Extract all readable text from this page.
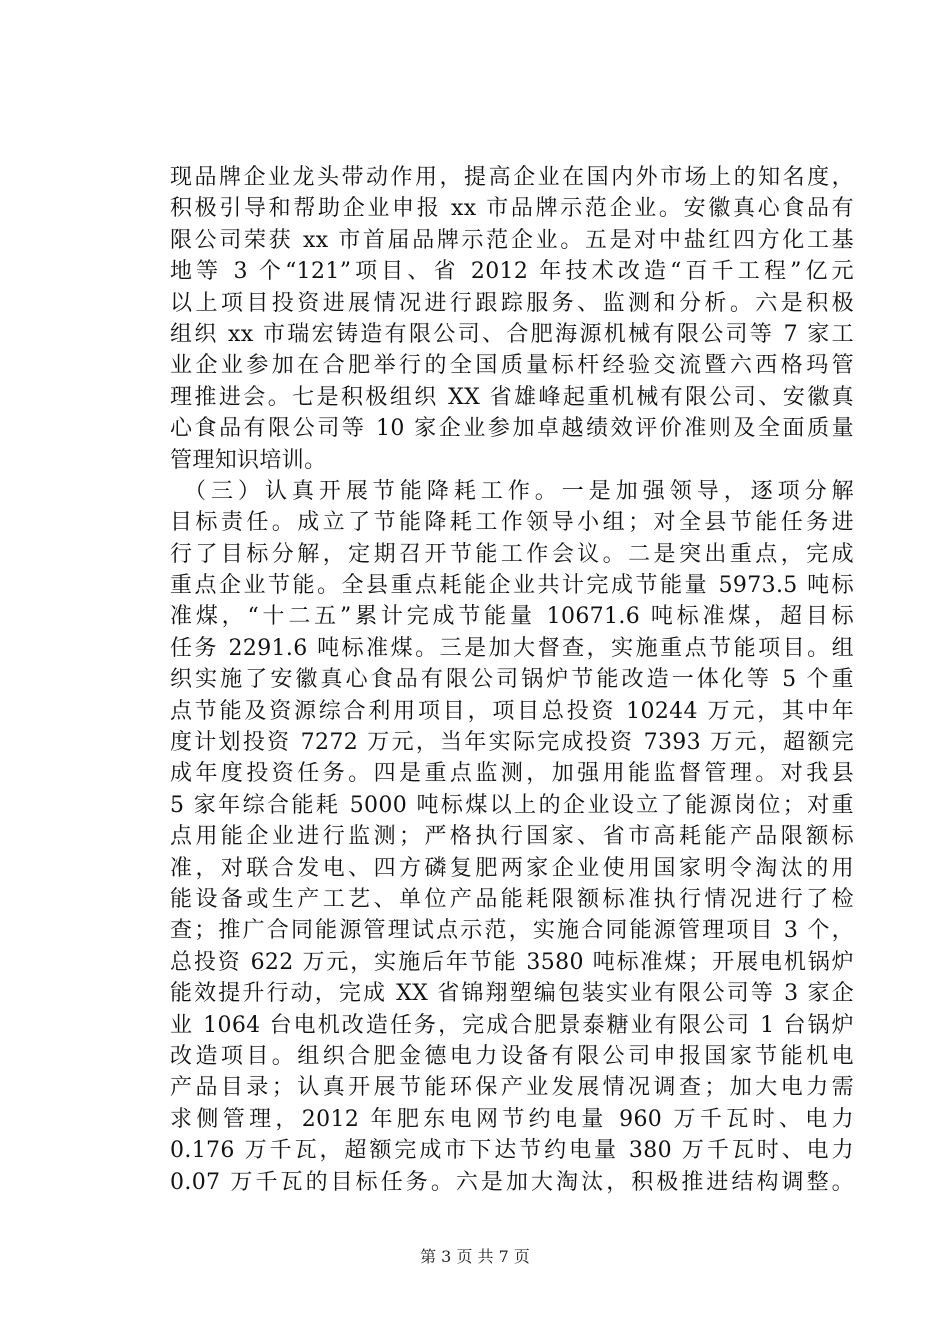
现品牌企业龙头带动作用，提高企业在国内外市场上的知名度，
积极引导和帮助企业申报 xx 市品牌示范企业。安徽真心食品有
限公司荣获 xx 市首届品牌示范企业。五是对中盐红四方化工基
地等 3 个“121”项目、省 2012 年技术改造“百千工程”亿元
以上项目投资进展情况进行跟踪服务、监测和分析。六是积极
组织 xx 市瑞宏铸造有限公司、合肥海源机械有限公司等 7 家工
业企业参加在合肥举行的全国质量标杆经验交流暨六西格玛管
理推进会。七是积极组织 XX 省雄峰起重机械有限公司、安徽真
心食品有限公司等 10 家企业参加卓越绩效评价准则及全面质量
管理知识培训。
（三）认真开展节能降耗工作。一是加强领导，逐项分解
目标责任。成立了节能降耗工作领导小组；对全县节能任务进
行了目标分解，定期召开节能工作会议。二是突出重点，完成
重点企业节能。全县重点耗能企业共计完成节能量 5973.5 吨标
准煤，“十二五”累计完成节能量 10671.6 吨标准煤，超目标
任务 2291.6 吨标准煤。三是加大督查，实施重点节能项目。组
织实施了安徽真心食品有限公司锅炉节能改造一体化等 5 个重
点节能及资源综合利用项目，项目总投资 10244 万元，其中年
度计划投资 7272 万元，当年实际完成投资 7393 万元，超额完
成年度投资任务。四是重点监测，加强用能监督管理。对我县
5 家年综合能耗 5000 吨标煤以上的企业设立了能源岗位；对重
点用能企业进行监测；严格执行国家、省市高耗能产品限额标
准，对联合发电、四方磷复肥两家企业使用国家明令淘汰的用
能设备或生产工艺、单位产品能耗限额标准执行情况进行了检
查；推广合同能源管理试点示范，实施合同能源管理项目 3 个，
总投资 622 万元，实施后年节能 3580 吨标准煤；开展电机锅炉
能效提升行动，完成 XX 省锦翔塑编包装实业有限公司等 3 家企
业 1064 台电机改造任务，完成合肥景泰糖业有限公司 1 台锅炉
改造项目。组织合肥金德电力设备有限公司申报国家节能机电
产品目录；认真开展节能环保产业发展情况调查；加大电力需
求侧管理，2012 年肥东电网节约电量 960 万千瓦时、电力
0.176 万千瓦，超额完成市下达节约电量 380 万千瓦时、电力
0.07 万千瓦的目标任务。六是加大淘汰，积极推进结构调整。
第 3 页 共 7 页
